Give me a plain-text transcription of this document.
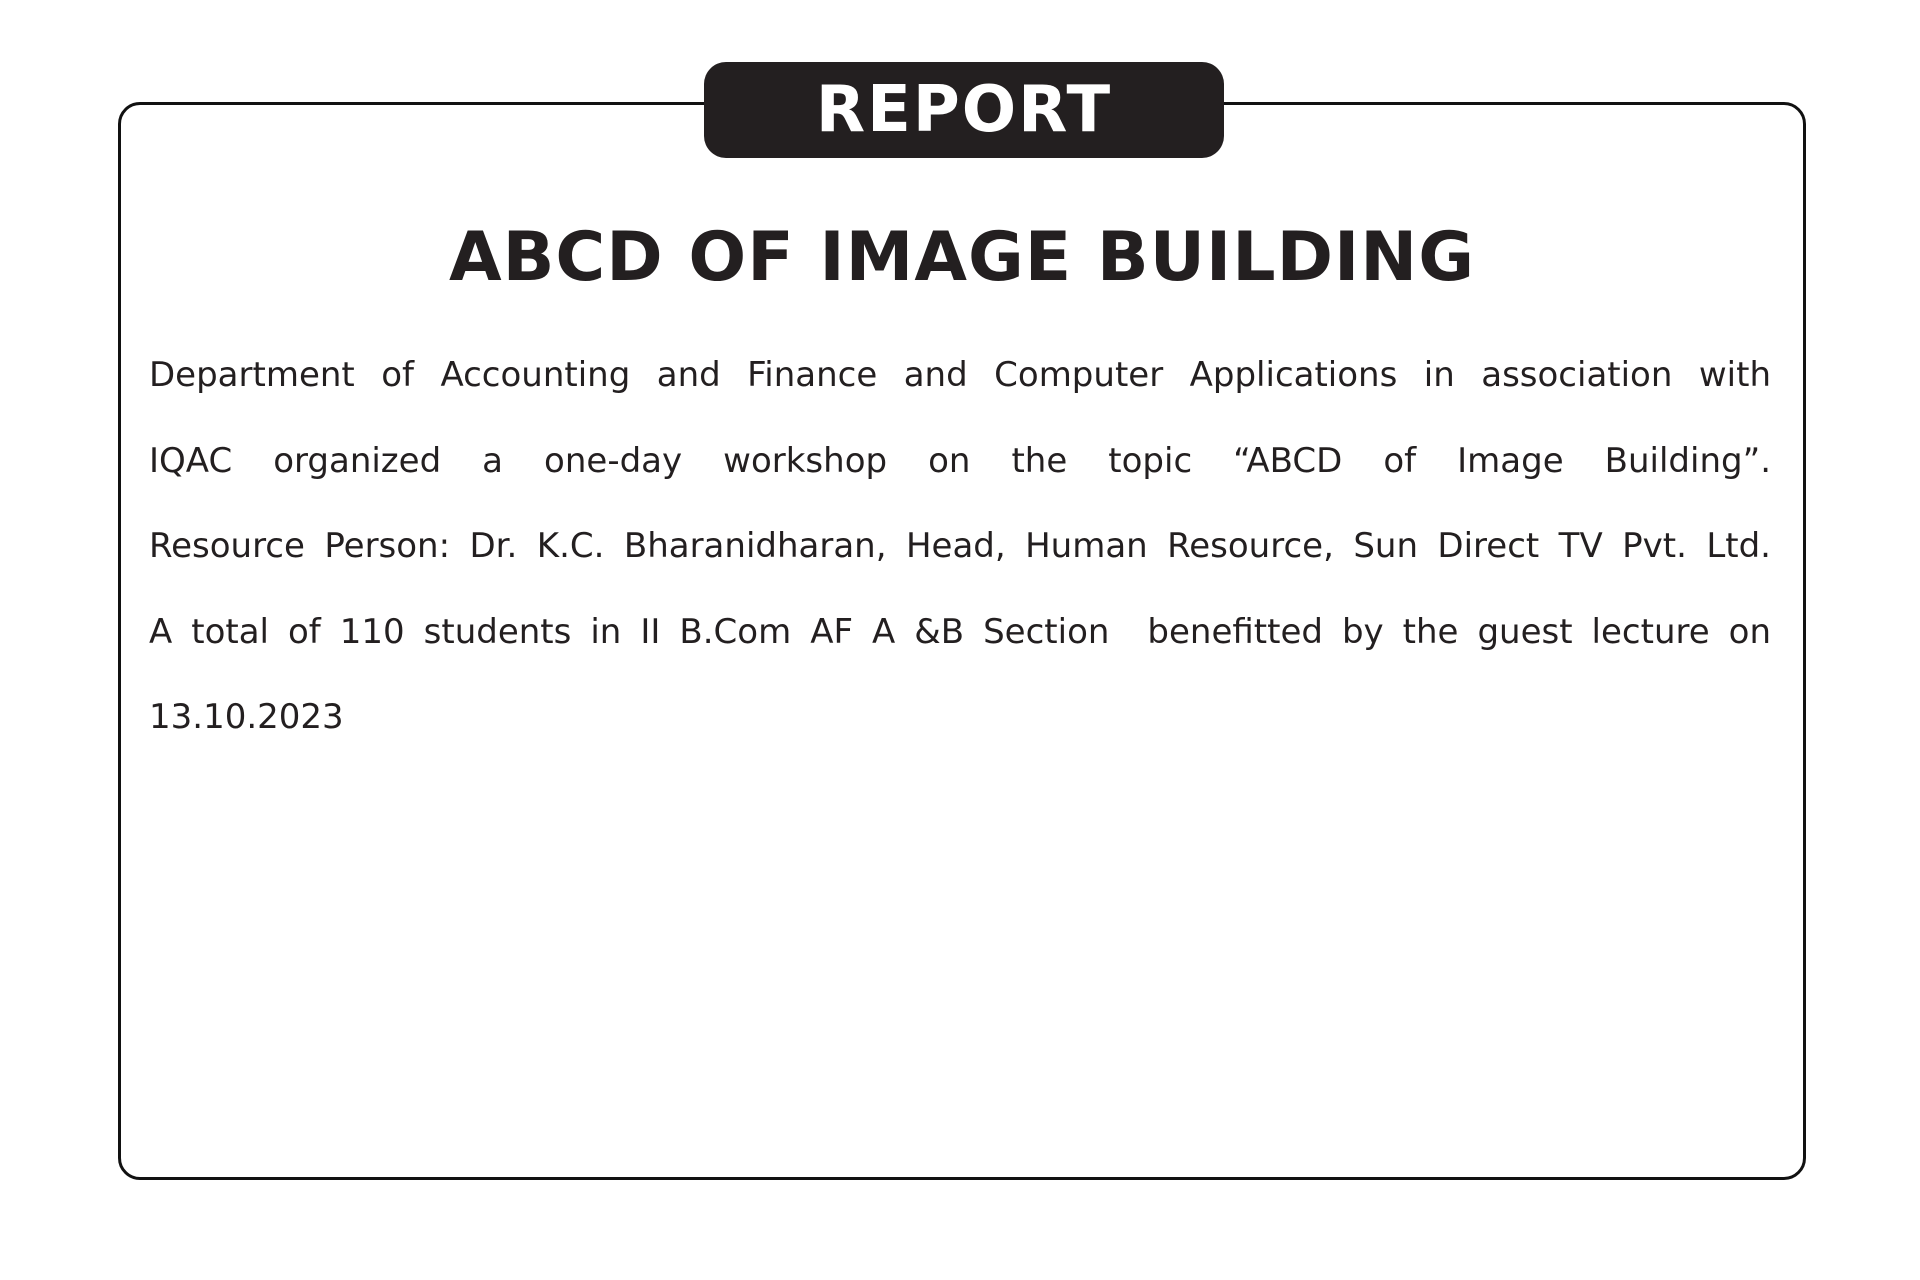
REPORT
ABCD OF IMAGE BUILDING
Department of Accounting and Finance and Computer Applications in association with
IQAC organized a one-day workshop on the topic “ABCD of Image Building”.
Resource Person: Dr. K.C. Bharanidharan, Head, Human Resource, Sun Direct TV Pvt. Ltd.
A total of 110 students in II B.Com AF A &B Section  benefitted by the guest lecture on
13.10.2023
